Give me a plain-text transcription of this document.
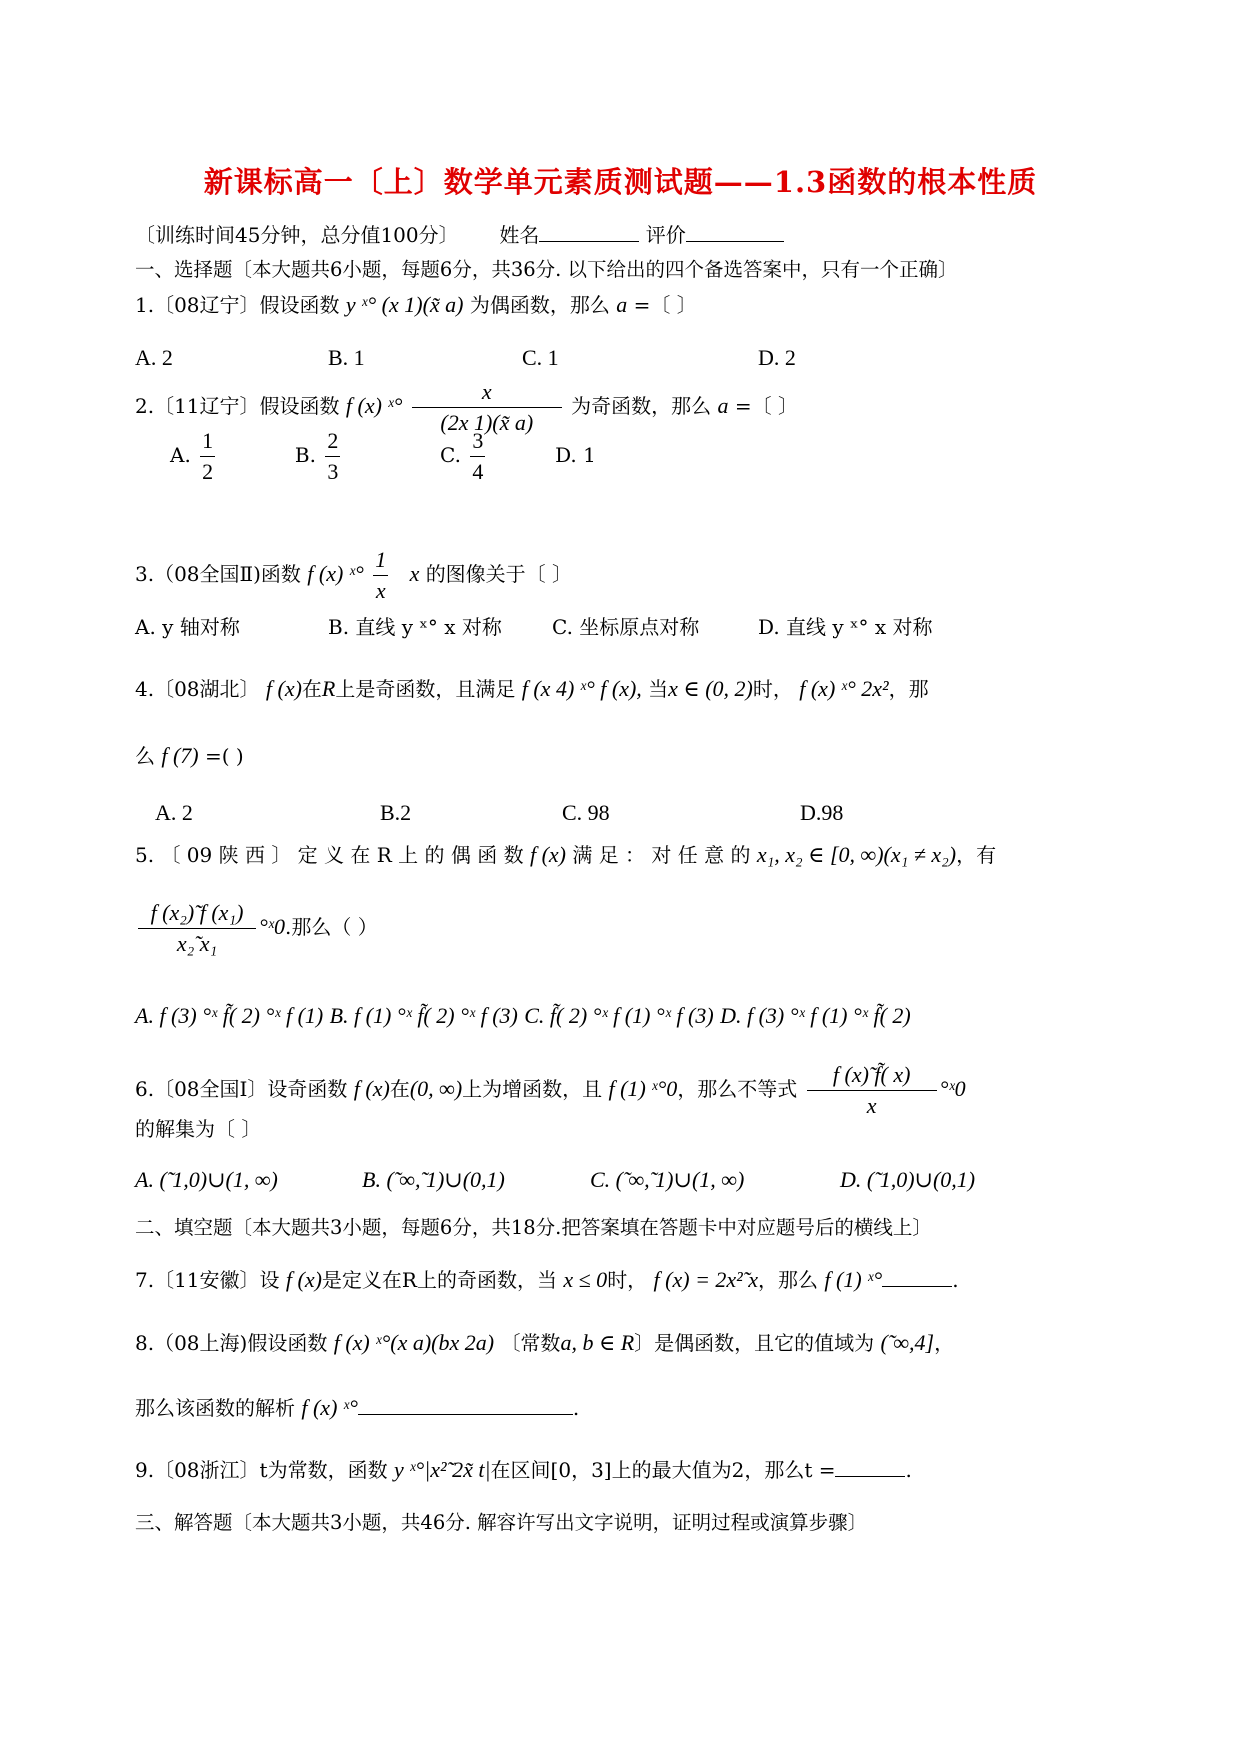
新课标高一〔上〕数学单元素质测试题——1.3函数的根本性质
〔训练时间45分钟，总分值100分〕 姓名	评价
一、选择题〔本大题共6小题，每题6分，共36分. 以下给出的四个备选答案中，只有一个正确〕
1.〔08辽宁〕假设函数 y ˣ° (x 1)(x̃ a) 为偶函数，那么 a =〔 〕
A. 2	B. 1	C. 1	D. 2
2.〔11辽宁〕假设函数 f (x) ˣ° $\frac{x}{(2x 1)(x̃ a)}$ 为奇函数，那么 a =〔 〕
A. $\frac{1}{2}$	B. $\frac{2}{3}$	C. $\frac{3}{4}$	D. 1
3.（08全国Ⅱ)函数 f (x) ˣ° $\frac{1}{x}$ x 的图像关于〔 〕
A. y 轴对称	B. 直线 y ˣ° x 对称	C. 坐标原点对称	D. 直线 y ˣ° x 对称
4.〔08湖北〕 f (x)在R上是奇函数，且满足 f (x 4) ˣ° f (x), 当x ∈ (0, 2)时， f (x) ˣ° 2x²，那
么 f (7) =( )
A. 2	B.2	C. 98	D.98
5. 〔 09 陕 西 〕 定 义 在 R 上 的 偶 函 数 f (x) 满 足 ： 对 任 意 的 x₁, x₂ ∈ [0, ∞)(x₁ ≠ x₂)，有
$\frac{\text{f (x₂)̃ f (x₁)}}{\text{x₂̃ x₁}}$ °ˣ0.那么（ ）
A. f (3) °ˣ f̃( 2) °ˣ f (1) B. f (1) °ˣ f̃( 2) °ˣ f (3) C. f̃( 2) °ˣ f (1) °ˣ f (3) D. f (3) °ˣ f (1) °ˣ f̃( 2)
6.〔08全国Ⅰ〕设奇函数 f (x)在(0, ∞)上为增函数，且 f (1) ˣ°0，那么不等式 $\frac{f (x)̃ f̃( x)}{x}$ °ˣ0
的解集为〔 〕
A. (̃ 1,0)∪(1, ∞)	B. (̃ ∞,̃ 1)∪(0,1)	C. (̃ ∞,̃ 1)∪(1, ∞)	D. (̃ 1,0)∪(0,1)
二、填空题〔本大题共3小题，每题6分，共18分.把答案填在答题卡中对应题号后的横线上〕
7.〔11安徽〕设 f (x)是定义在R上的奇函数，当 x ≤ 0时， f (x) = 2x²̃ x，那么 f (1) ˣ°	.
8.（08上海)假设函数 f (x) ˣ°(x a)(bx 2a) 〔常数a, b ∈ R〕是偶函数，且它的值域为 (̃ ∞,4]，
那么该函数的解析 f (x) ˣ°	.
9.〔08浙江〕t为常数，函数 y ˣ°|x²̃ 2x̃ t|在区间[0，3]上的最大值为2，那么t =	.
三、解答题〔本大题共3小题，共46分. 解容许写出文字说明，证明过程或演算步骤〕
